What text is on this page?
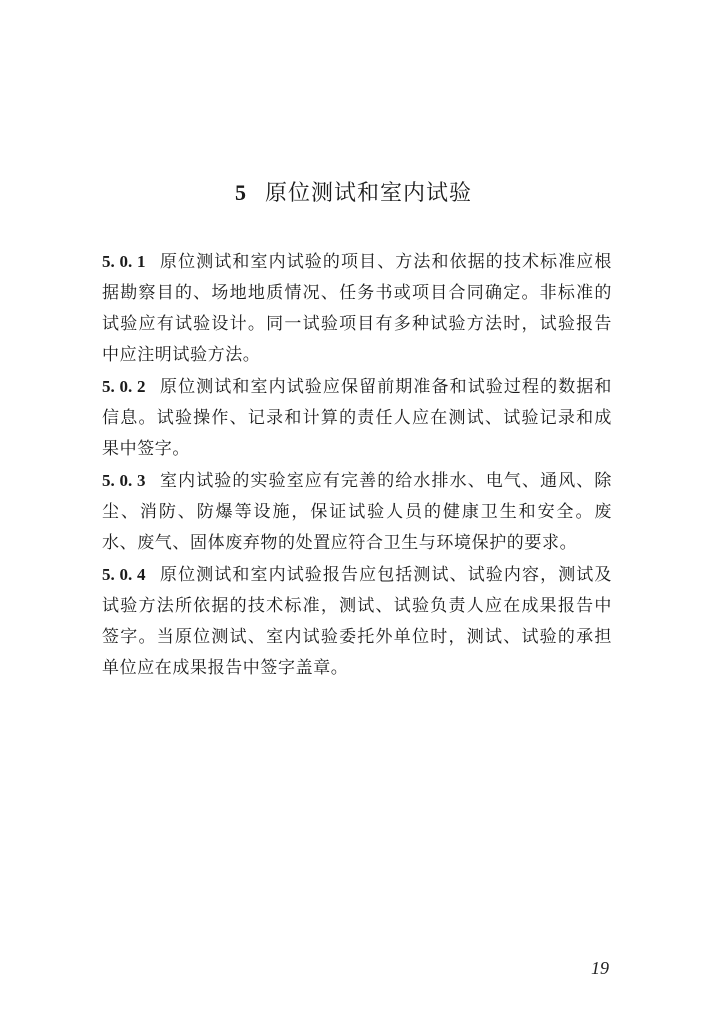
5 原位测试和室内试验

5. 0. 1 原位测试和室内试验的项目、方法和依据的技术标准应根据勘察目的、场地地质情况、任务书或项目合同确定。非标准的试验应有试验设计。同一试验项目有多种试验方法时，试验报告中应注明试验方法。

5. 0. 2 原位测试和室内试验应保留前期准备和试验过程的数据和信息。试验操作、记录和计算的责任人应在测试、试验记录和成果中签字。

5. 0. 3 室内试验的实验室应有完善的给水排水、电气、通风、除尘、消防、防爆等设施，保证试验人员的健康卫生和安全。废水、废气、固体废弃物的处置应符合卫生与环境保护的要求。

5. 0. 4 原位测试和室内试验报告应包括测试、试验内容，测试及试验方法所依据的技术标准，测试、试验负责人应在成果报告中签字。当原位测试、室内试验委托外单位时，测试、试验的承担单位应在成果报告中签字盖章。

19
